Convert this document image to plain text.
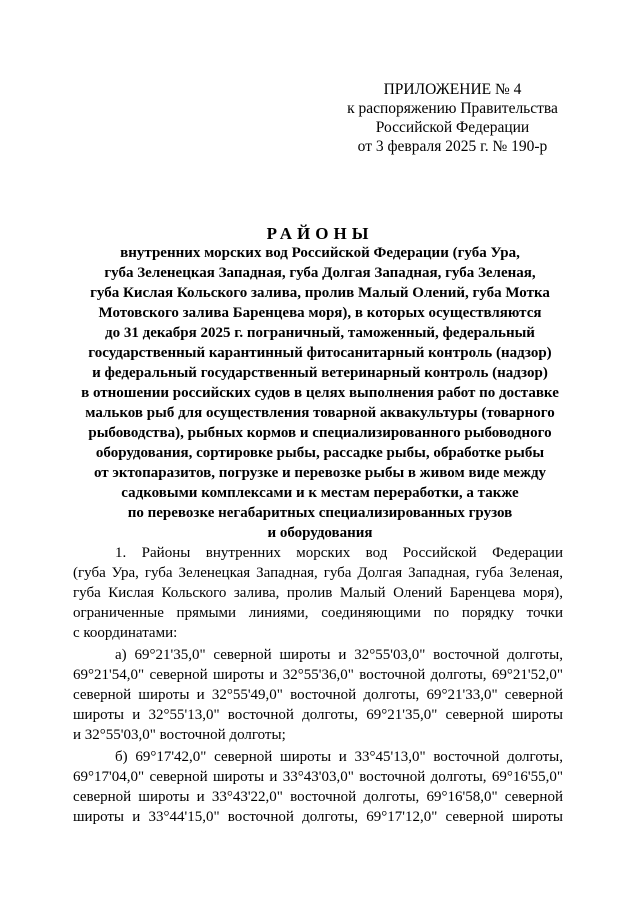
ПРИЛОЖЕНИЕ № 4
к распоряжению Правительства
Российской Федерации
от 3 февраля 2025 г. № 190-р
РАЙОНЫ
внутренних морских вод Российской Федерации (губа Ура,
губа Зеленецкая Западная, губа Долгая Западная, губа Зеленая,
губа Кислая Кольского залива, пролив Малый Олений, губа Мотка
Мотовского залива Баренцева моря), в которых осуществляются
до 31 декабря 2025 г. пограничный, таможенный, федеральный
государственный карантинный фитосанитарный контроль (надзор)
и федеральный государственный ветеринарный контроль (надзор)
в отношении российских судов в целях выполнения работ по доставке
мальков рыб для осуществления товарной аквакультуры (товарного
рыбоводства), рыбных кормов и специализированного рыбоводного
оборудования, сортировке рыбы, рассадке рыбы, обработке рыбы
от эктопаразитов, погрузке и перевозке рыбы в живом виде между
садковыми комплексами и к местам переработки, а также
по перевозке негабаритных специализированных грузов
и оборудования
1. Районы внутренних морских вод Российской Федерации
(губа Ура, губа Зеленецкая Западная, губа Долгая Западная, губа Зеленая,
губа Кислая Кольского залива, пролив Малый Олений Баренцева моря),
ограниченные прямыми линиями, соединяющими по порядку точки
с координатами:
а) 69°21'35,0" северной широты и 32°55'03,0" восточной долготы,
69°21'54,0" северной широты и 32°55'36,0" восточной долготы, 69°21'52,0"
северной широты и 32°55'49,0" восточной долготы, 69°21'33,0" северной
широты и 32°55'13,0" восточной долготы, 69°21'35,0" северной широты
и 32°55'03,0" восточной долготы;
б) 69°17'42,0" северной широты и 33°45'13,0" восточной долготы,
69°17'04,0" северной широты и 33°43'03,0" восточной долготы, 69°16'55,0"
северной широты и 33°43'22,0" восточной долготы, 69°16'58,0" северной
широты и 33°44'15,0" восточной долготы, 69°17'12,0" северной широты
